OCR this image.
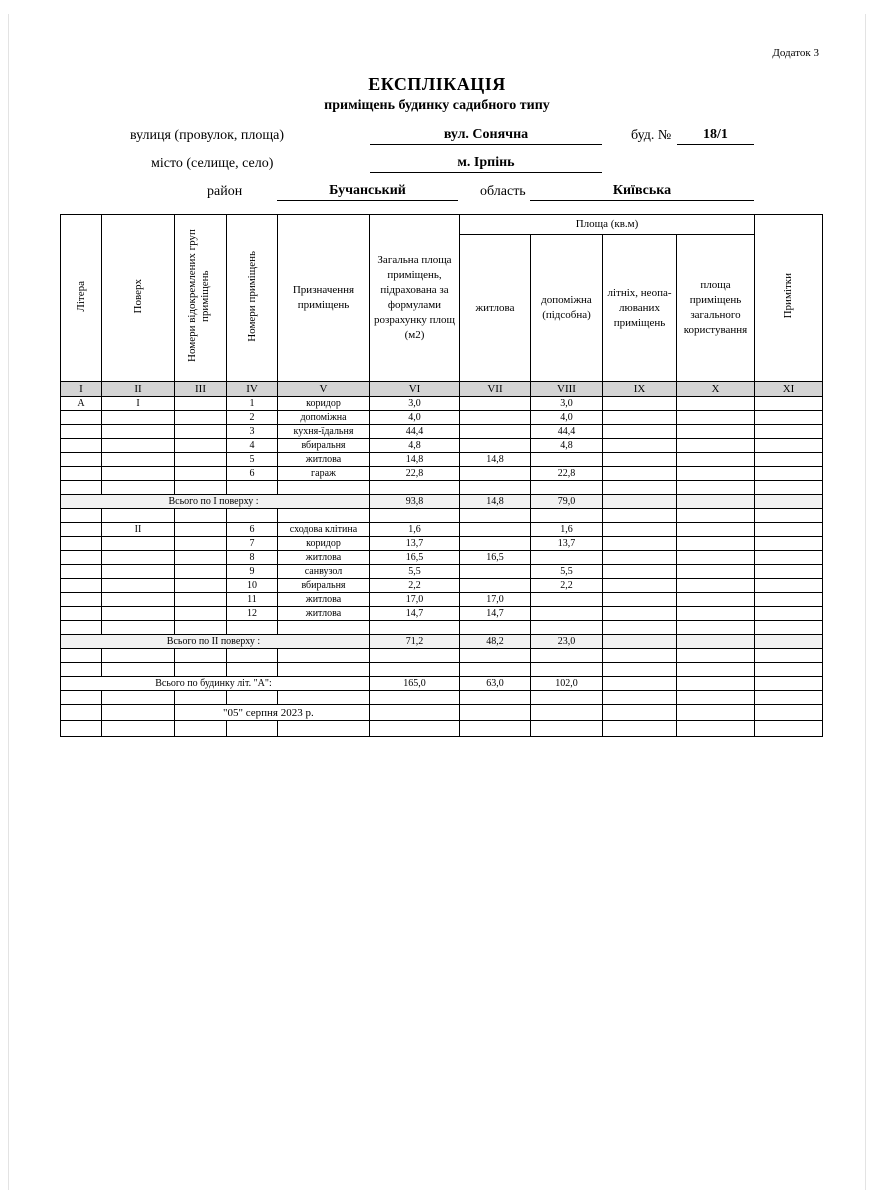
Додаток 3
ЕКСПЛІКАЦІЯ
приміщень будинку садибного типу
вулиця (провулок, площа)	вул. Сонячна	буд. №	18/1
місто (селище, село)	м. Ірпінь
район	Бучанський	область	Київська
Літера	Поверх	Номери відокремлених груп приміщень	Номери приміщень	Призначення приміщень	Загальна площа приміщень, підрахована за формулами розрахунку площ (м2)	Площа (кв.м)				Примітки
						житлова	допоміжна (підсобна)	літніх, неопа-люваних приміщень	площа приміщень загального користування	
I	II	III	IV	V	VI	VII	VIII	IX	X	XI
А	I		1	коридор	3,0		3,0			
			2	допоміжна	4,0		4,0			
			3	кухня-їдальня	44,4		44,4			
			4	вбиральня	4,8		4,8			
			5	житлова	14,8	14,8				
			6	гараж	22,8		22,8			

Всього по I поверху :					93,8	14,8	79,0			

	II		6	сходова клітина	1,6		1,6			
			7	коридор	13,7		13,7			
			8	житлова	16,5	16,5				
			9	санвузол	5,5		5,5			
			10	вбиральня	2,2		2,2			
			11	житлова	17,0	17,0				
			12	житлова	14,7	14,7				

Всього по II поверху :					71,2	48,2	23,0			

Всього по будинку літ. "А":					165,0	63,0	102,0			

		"05" серпня 2023 р.								
